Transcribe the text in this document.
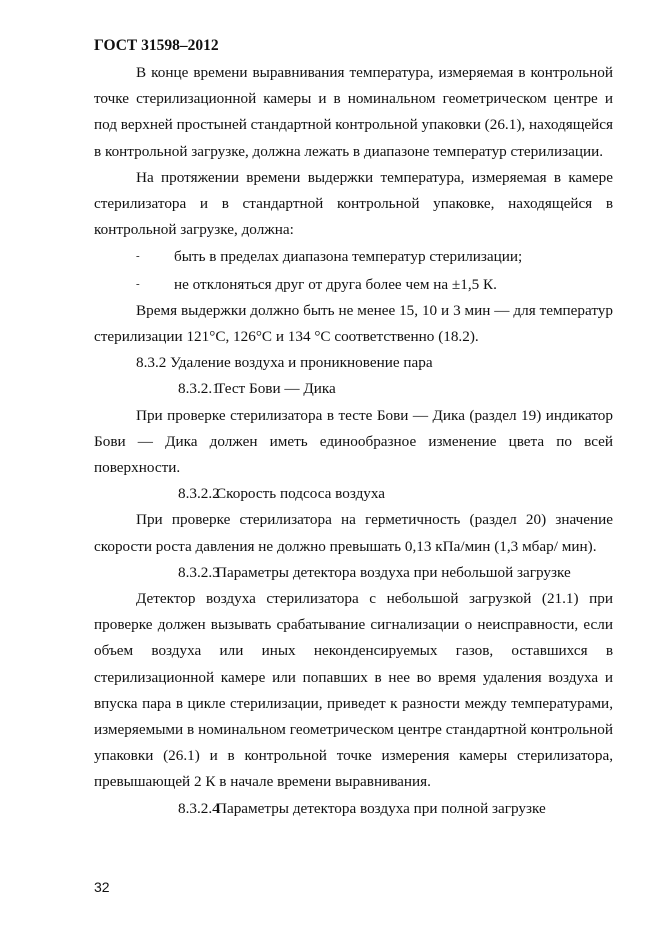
ГОСТ 31598–2012

В конце времени выравнивания температура, измеряемая в контрольной точке стерилизационной камеры и в номинальном геометрическом центре и под верхней простыней стандартной контрольной упаковки (26.1), находящейся в контрольной загрузке, должна лежать в диапазоне температур стерилизации.

На протяжении времени выдержки температура, измеряемая в камере стерилизатора и в стандартной контрольной упаковке, находящейся в контрольной загрузке, должна:

- быть в пределах диапазона температур стерилизации;

- не отклоняться друг от друга более чем на ±1,5 К.

Время выдержки должно быть не менее 15, 10 и 3 мин — для температур стерилизации 121°С, 126°С и 134 °С соответственно (18.2).

8.3.2 Удаление воздуха и проникновение пара

8.3.2.1Тест Бови — Дика

При проверке стерилизатора в тесте Бови — Дика (раздел 19) индикатор Бови — Дика должен иметь единообразное изменение цвета по всей поверхности.

8.3.2.2Скорость подсоса воздуха

При проверке стерилизатора на герметичность (раздел 20) значение скорости роста давления не должно превышать 0,13 кПа/мин (1,3 мбар/ мин).

8.3.2.3Параметры детектора воздуха при небольшой загрузке

Детектор воздуха стерилизатора с небольшой загрузкой (21.1) при проверке должен вызывать срабатывание сигнализации о неисправности, если объем воздуха или иных неконденсируемых газов, оставшихся в стерилизационной камере или попавших в нее во время удаления воздуха и впуска пара в цикле стерилизации, приведет к разности между температурами, измеряемыми в номинальном геометрическом центре стандартной контрольной упаковки (26.1) и в контрольной точке измерения камеры стерилизатора, превышающей 2 К в начале времени выравнивания.

8.3.2.4Параметры детектора воздуха при полной загрузке

32
